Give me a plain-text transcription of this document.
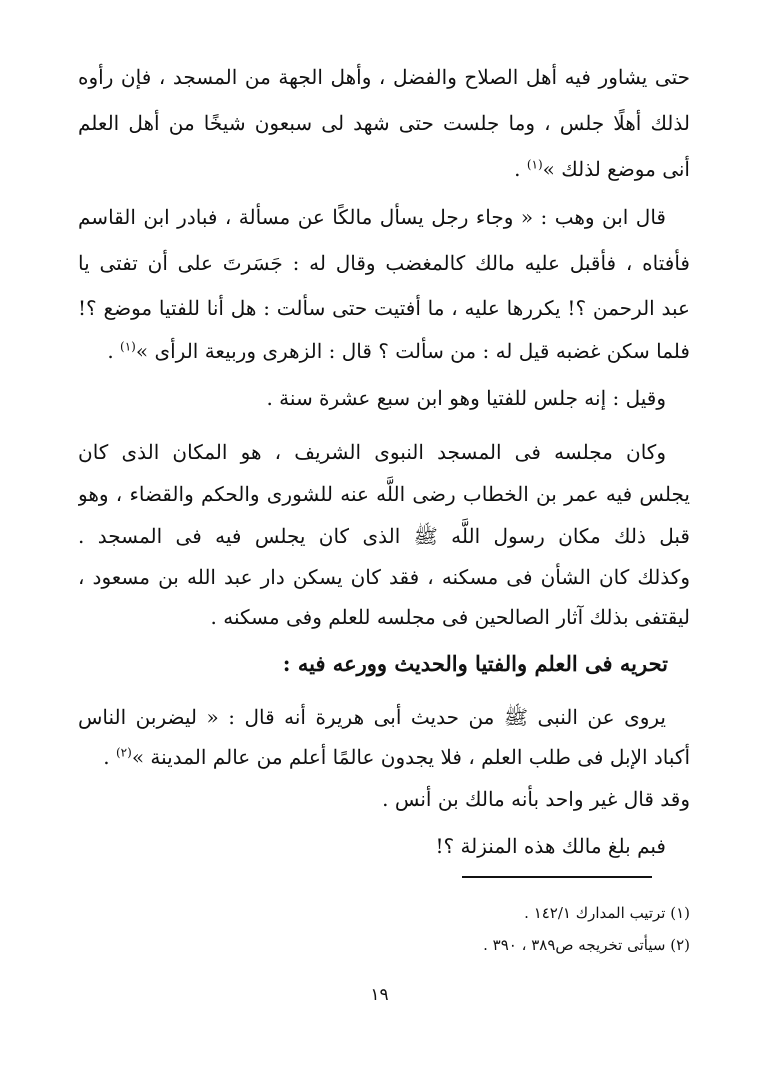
حتى يشاور فيه أهل الصلاح والفضل ، وأهل الجهة من المسجد ، فإن رأوه
لذلك أهلًا جلس ، وما جلست حتى شهد لى سبعون شيخًا من أهل العلم
أنى موضع لذلك »$^{(١)}$ .
قال ابن وهب : « وجاء رجل يسأل مالكًا عن مسألة ، فبادر ابن القاسم
فأفتاه ، فأقبل عليه مالك كالمغضب وقال له : جَسَرتَ على أن تفتى يا
عبد الرحمن ؟! يكررها عليه ، ما أفتيت حتى سألت : هل أنا للفتيا موضع ؟!
فلما سكن غضبه قيل له : من سألت ؟ قال : الزهرى وربيعة الرأى »$^{(١)}$ .
وقيل : إنه جلس للفتيا وهو ابن سبع عشرة سنة .
وكان مجلسه فى المسجد النبوى الشريف ، هو المكان الذى كان
يجلس فيه عمر بن الخطاب رضى اللَّه عنه للشورى والحكم والقضاء ، وهو
قبل ذلك مكان رسول اللَّه ﷺ الذى كان يجلس فيه فى المسجد .
وكذلك كان الشأن فى مسكنه ، فقد كان يسكن دار عبد الله بن مسعود ،
ليقتفى بذلك آثار الصالحين فى مجلسه للعلم وفى مسكنه .
تحريه فى العلم والفتيا والحديث وورعه فيه :
يروى عن النبى ﷺ من حديث أبى هريرة أنه قال : « ليضربن الناس
أكباد الإبل فى طلب العلم ، فلا يجدون عالمًا أعلم من عالم المدينة »$^{(٢)}$ .
وقد قال غير واحد بأنه مالك بن أنس .
فبم بلغ مالك هذه المنزلة ؟!
(١) ترتيب المدارك ١٤٢/١ .
(٢) سيأتى تخريجه ص٣٨٩ ، ٣٩٠ .
١٩
